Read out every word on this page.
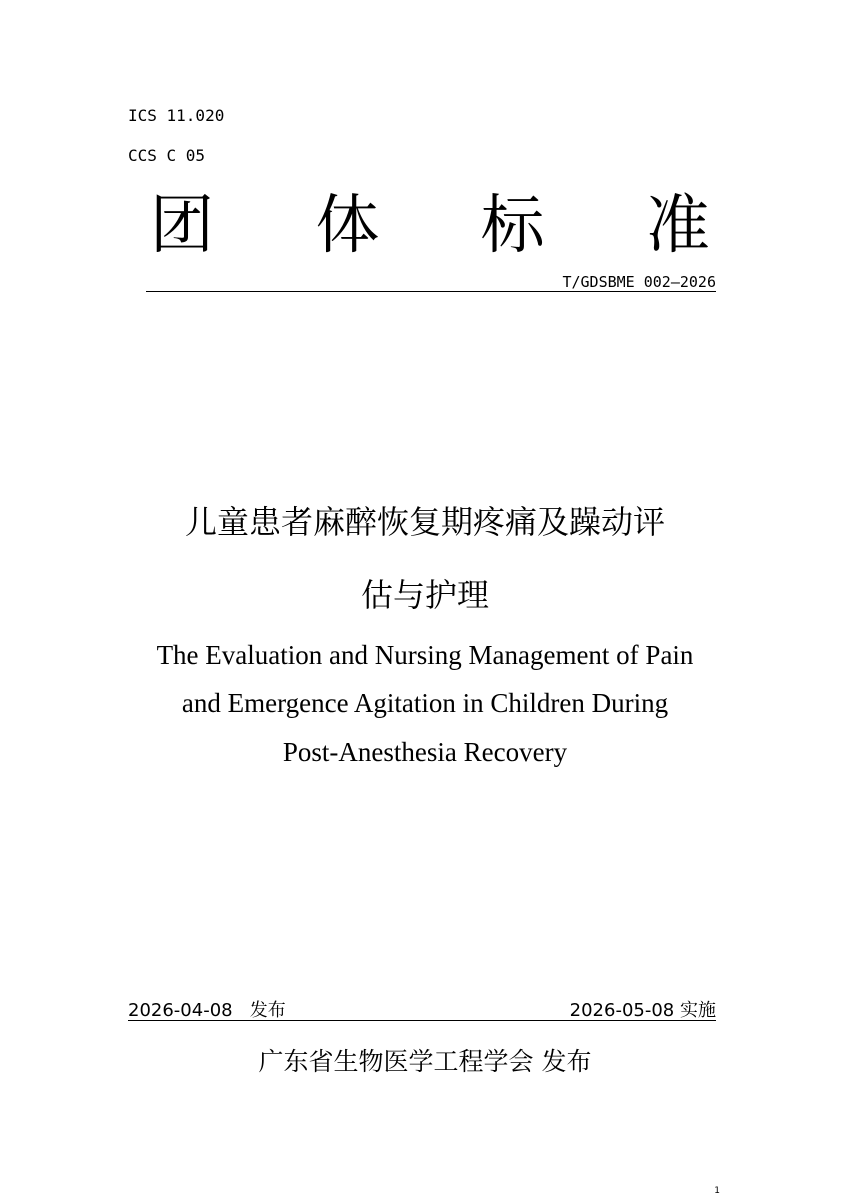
ICS 11.020
CCS C 05
团 体 标 准
T/GDSBME 002—2026
儿童患者麻醉恢复期疼痛及躁动评
估与护理
The Evaluation and Nursing Management of Pain
and Emergence Agitation in Children During
Post-Anesthesia Recovery
2026-04-08 发布	2026-05-08 实施
广东省生物医学工程学会 发布
1
